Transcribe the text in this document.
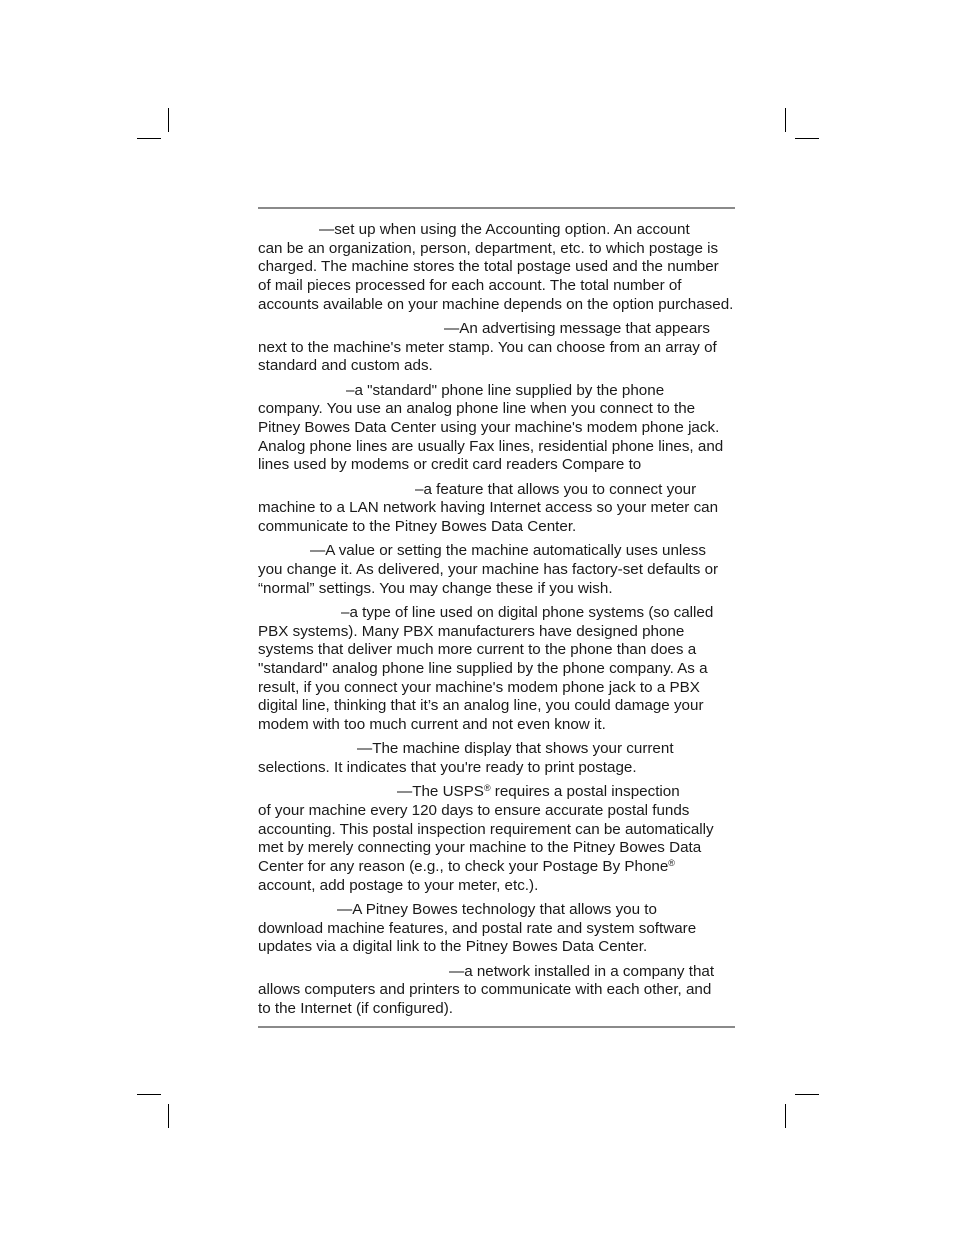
—set up when using the Accounting option. An account
can be an organization, person, department, etc. to which postage is
charged. The machine stores the total postage used and the number
of mail pieces processed for each account. The total number of
accounts available on your machine depends on the option purchased.
—An advertising message that appears
next to the machine's meter stamp. You can choose from an array of
standard and custom ads.
–a "standard" phone line supplied by the phone
company. You use an analog phone line when you connect to the
Pitney Bowes Data Center using your machine's modem phone jack.
Analog phone lines are usually Fax lines, residential phone lines, and
lines used by modems or credit card readers Compare to
–a feature that allows you to connect your
machine to a LAN network having Internet access so your meter can
communicate to the Pitney Bowes Data Center.
—A value or setting the machine automatically uses unless
you change it. As delivered, your machine has factory-set defaults or
“normal” settings. You may change these if you wish.
–a type of line used on digital phone systems (so called
PBX systems). Many PBX manufacturers have designed phone
systems that deliver much more current to the phone than does a
"standard" analog phone line supplied by the phone company. As a
result, if you connect your machine's modem phone jack to a PBX
digital line, thinking that it’s an analog line, you could damage your
modem with too much current and not even know it.
—The machine display that shows your current
selections. It indicates that you're ready to print postage.
—The USPS® requires a postal inspection
of your machine every 120 days to ensure accurate postal funds
accounting. This postal inspection requirement can be automatically
met by merely connecting your machine to the Pitney Bowes Data
Center for any reason (e.g., to check your Postage By Phone®
account, add postage to your meter, etc.).
—A Pitney Bowes technology that allows you to
download machine features, and postal rate and system software
updates via a digital link to the Pitney Bowes Data Center.
—a network installed in a company that
allows computers and printers to communicate with each other, and
to the Internet (if configured).
